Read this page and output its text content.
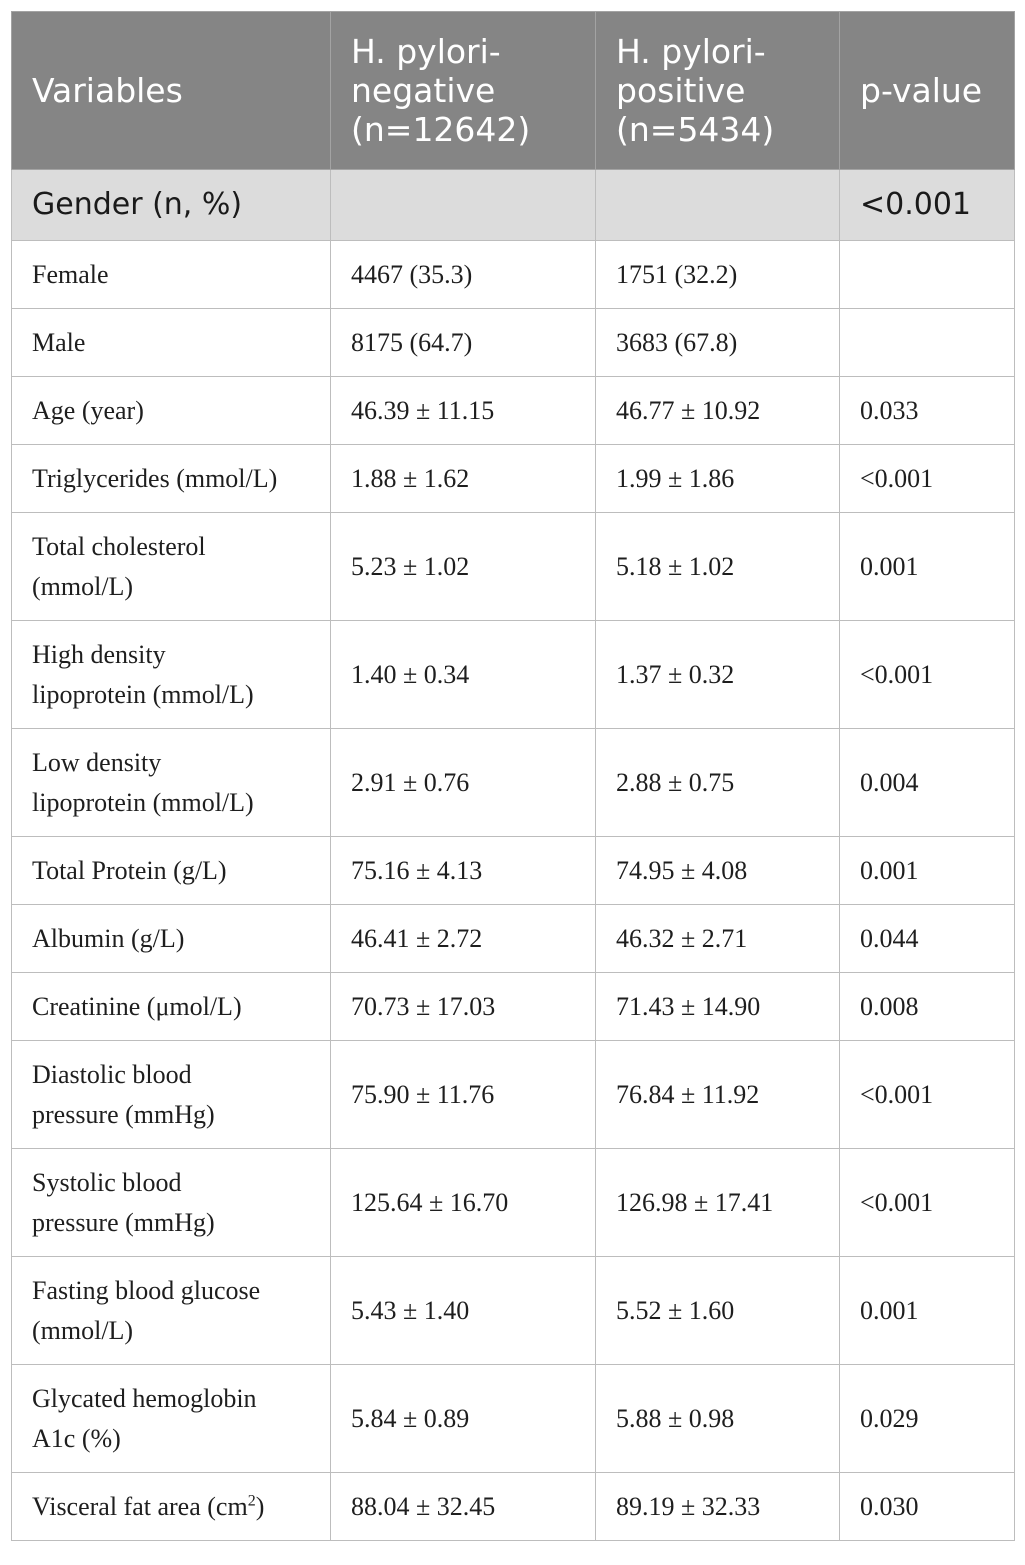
Variables	H. pylori-
negative
(n=12642)	H. pylori-
positive
(n=5434)	p-value
Gender (n, %)			<0.001
Female	4467 (35.3)	1751 (32.2)	
Male	8175 (64.7)	3683 (67.8)	
Age (year)	46.39 ± 11.15	46.77 ± 10.92	0.033
Triglycerides (mmol/L)	1.88 ± 1.62	1.99 ± 1.86	<0.001
Total cholesterol
(mmol/L)	5.23 ± 1.02	5.18 ± 1.02	0.001
High density
lipoprotein (mmol/L)	1.40 ± 0.34	1.37 ± 0.32	<0.001
Low density
lipoprotein (mmol/L)	2.91 ± 0.76	2.88 ± 0.75	0.004
Total Protein (g/L)	75.16 ± 4.13	74.95 ± 4.08	0.001
Albumin (g/L)	46.41 ± 2.72	46.32 ± 2.71	0.044
Creatinine (μmol/L)	70.73 ± 17.03	71.43 ± 14.90	0.008
Diastolic blood
pressure (mmHg)	75.90 ± 11.76	76.84 ± 11.92	<0.001
Systolic blood
pressure (mmHg)	125.64 ± 16.70	126.98 ± 17.41	<0.001
Fasting blood glucose
(mmol/L)	5.43 ± 1.40	5.52 ± 1.60	0.001
Glycated hemoglobin
A1c (%)	5.84 ± 0.89	5.88 ± 0.98	0.029
Visceral fat area $(cm^2)$	88.04 ± 32.45	89.19 ± 32.33	0.030
